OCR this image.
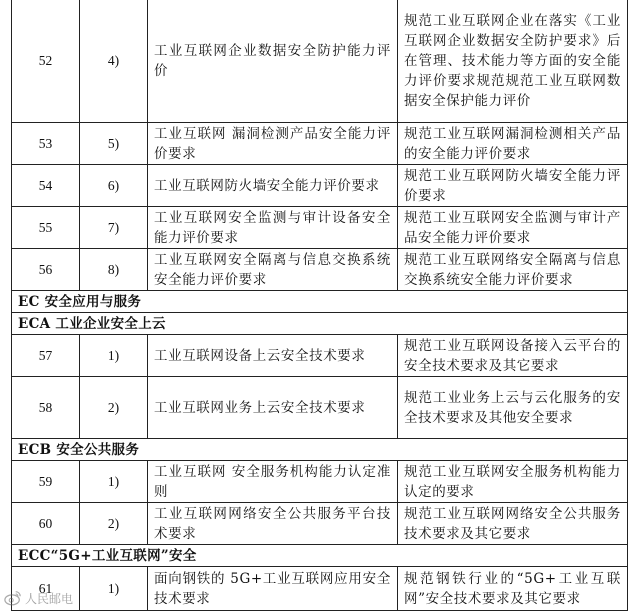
52	4)	工业互联网企业数据安全防护能力评价	规范工业互联网企业在落实《工业互联网企业数据安全防护要求》后在管理、技术能力等方面的安全能力评价要求规范规范工业互联网数据安全保护能力评价
53	5)	工业互联网 漏洞检测产品安全能力评价要求	规范工业互联网漏洞检测相关产品的安全能力评价要求
54	6)	工业互联网防火墙安全能力评价要求	规范工业互联网防火墙安全能力评价要求
55	7)	工业互联网安全监测与审计设备安全能力评价要求	规范工业互联网安全监测与审计产品安全能力评价要求
56	8)	工业互联网安全隔离与信息交换系统安全能力评价要求	规范工业互联网络安全隔离与信息交换系统安全能力评价要求
EC 安全应用与服务			
ECA 工业企业安全上云			
57	1)	工业互联网设备上云安全技术要求	规范工业互联网设备接入云平台的安全技术要求及其它要求
58	2)	工业互联网业务上云安全技术要求	规范工业业务上云与云化服务的安全技术要求及其他安全要求
ECB 安全公共服务			
59	1)	工业互联网 安全服务机构能力认定准则	规范工业互联网安全服务机构能力认定的要求
60	2)	工业互联网网络安全公共服务平台技术要求	规范工业互联网网络安全公共服务技术要求及其它要求
ECC“5G+工业互联网”安全			
61	1)	面向钢铁的 5G+工业互联网应用安全技术要求	规范钢铁行业的“5G+工业互联网”安全技术要求及其它要求
人民邮电
